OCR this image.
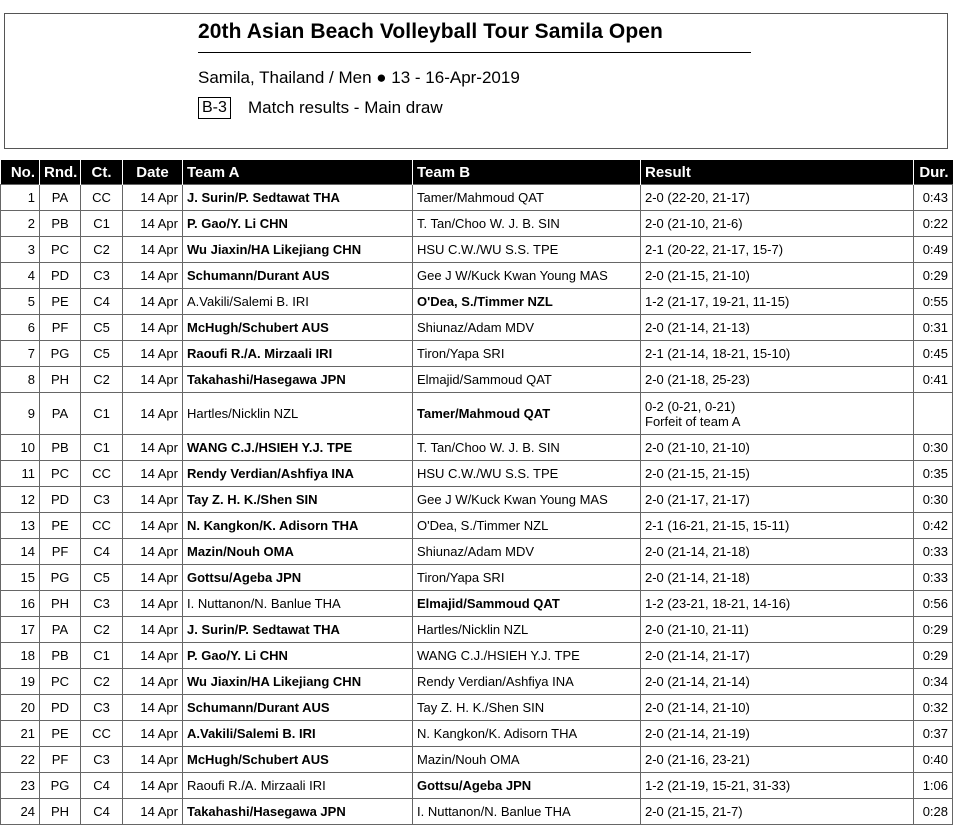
20th Asian Beach Volleyball Tour Samila Open
Samila, Thailand / Men ● 13 - 16-Apr-2019
B-3 Match results - Main draw
No.	Rnd.	Ct.	Date	Team A	Team B	Result	Dur.
1	PA	CC	14 Apr	J. Surin/P. Sedtawat THA	Tamer/Mahmoud QAT	2-0 (22-20, 21-17)	0:43
2	PB	C1	14 Apr	P. Gao/Y. Li CHN	T. Tan/Choo W. J. B. SIN	2-0 (21-10, 21-6)	0:22
3	PC	C2	14 Apr	Wu Jiaxin/HA Likejiang CHN	HSU C.W./WU S.S. TPE	2-1 (20-22, 21-17, 15-7)	0:49
4	PD	C3	14 Apr	Schumann/Durant AUS	Gee J W/Kuck Kwan Young MAS	2-0 (21-15, 21-10)	0:29
5	PE	C4	14 Apr	A.Vakili/Salemi B. IRI	O'Dea, S./Timmer NZL	1-2 (21-17, 19-21, 11-15)	0:55
6	PF	C5	14 Apr	McHugh/Schubert AUS	Shiunaz/Adam MDV	2-0 (21-14, 21-13)	0:31
7	PG	C5	14 Apr	Raoufi R./A. Mirzaali IRI	Tiron/Yapa SRI	2-1 (21-14, 18-21, 15-10)	0:45
8	PH	C2	14 Apr	Takahashi/Hasegawa JPN	Elmajid/Sammoud QAT	2-0 (21-18, 25-23)	0:41
9	PA	C1	14 Apr	Hartles/Nicklin NZL	Tamer/Mahmoud QAT	0-2 (0-21, 0-21)
Forfeit of team A	

10	PB	C1	14 Apr	WANG C.J./HSIEH Y.J. TPE	T. Tan/Choo W. J. B. SIN	2-0 (21-10, 21-10)	0:30
11	PC	CC	14 Apr	Rendy Verdian/Ashfiya INA	HSU C.W./WU S.S. TPE	2-0 (21-15, 21-15)	0:35
12	PD	C3	14 Apr	Tay Z. H. K./Shen SIN	Gee J W/Kuck Kwan Young MAS	2-0 (21-17, 21-17)	0:30
13	PE	CC	14 Apr	N. Kangkon/K. Adisorn THA	O'Dea, S./Timmer NZL	2-1 (16-21, 21-15, 15-11)	0:42
14	PF	C4	14 Apr	Mazin/Nouh OMA	Shiunaz/Adam MDV	2-0 (21-14, 21-18)	0:33
15	PG	C5	14 Apr	Gottsu/Ageba JPN	Tiron/Yapa SRI	2-0 (21-14, 21-18)	0:33
16	PH	C3	14 Apr	I. Nuttanon/N. Banlue THA	Elmajid/Sammoud QAT	1-2 (23-21, 18-21, 14-16)	0:56
17	PA	C2	14 Apr	J. Surin/P. Sedtawat THA	Hartles/Nicklin NZL	2-0 (21-10, 21-11)	0:29
18	PB	C1	14 Apr	P. Gao/Y. Li CHN	WANG C.J./HSIEH Y.J. TPE	2-0 (21-14, 21-17)	0:29
19	PC	C2	14 Apr	Wu Jiaxin/HA Likejiang CHN	Rendy Verdian/Ashfiya INA	2-0 (21-14, 21-14)	0:34
20	PD	C3	14 Apr	Schumann/Durant AUS	Tay Z. H. K./Shen SIN	2-0 (21-14, 21-10)	0:32
21	PE	CC	14 Apr	A.Vakili/Salemi B. IRI	N. Kangkon/K. Adisorn THA	2-0 (21-14, 21-19)	0:37
22	PF	C3	14 Apr	McHugh/Schubert AUS	Mazin/Nouh OMA	2-0 (21-16, 23-21)	0:40
23	PG	C4	14 Apr	Raoufi R./A. Mirzaali IRI	Gottsu/Ageba JPN	1-2 (21-19, 15-21, 31-33)	1:06
24	PH	C4	14 Apr	Takahashi/Hasegawa JPN	I. Nuttanon/N. Banlue THA	2-0 (21-15, 21-7)	0:28
